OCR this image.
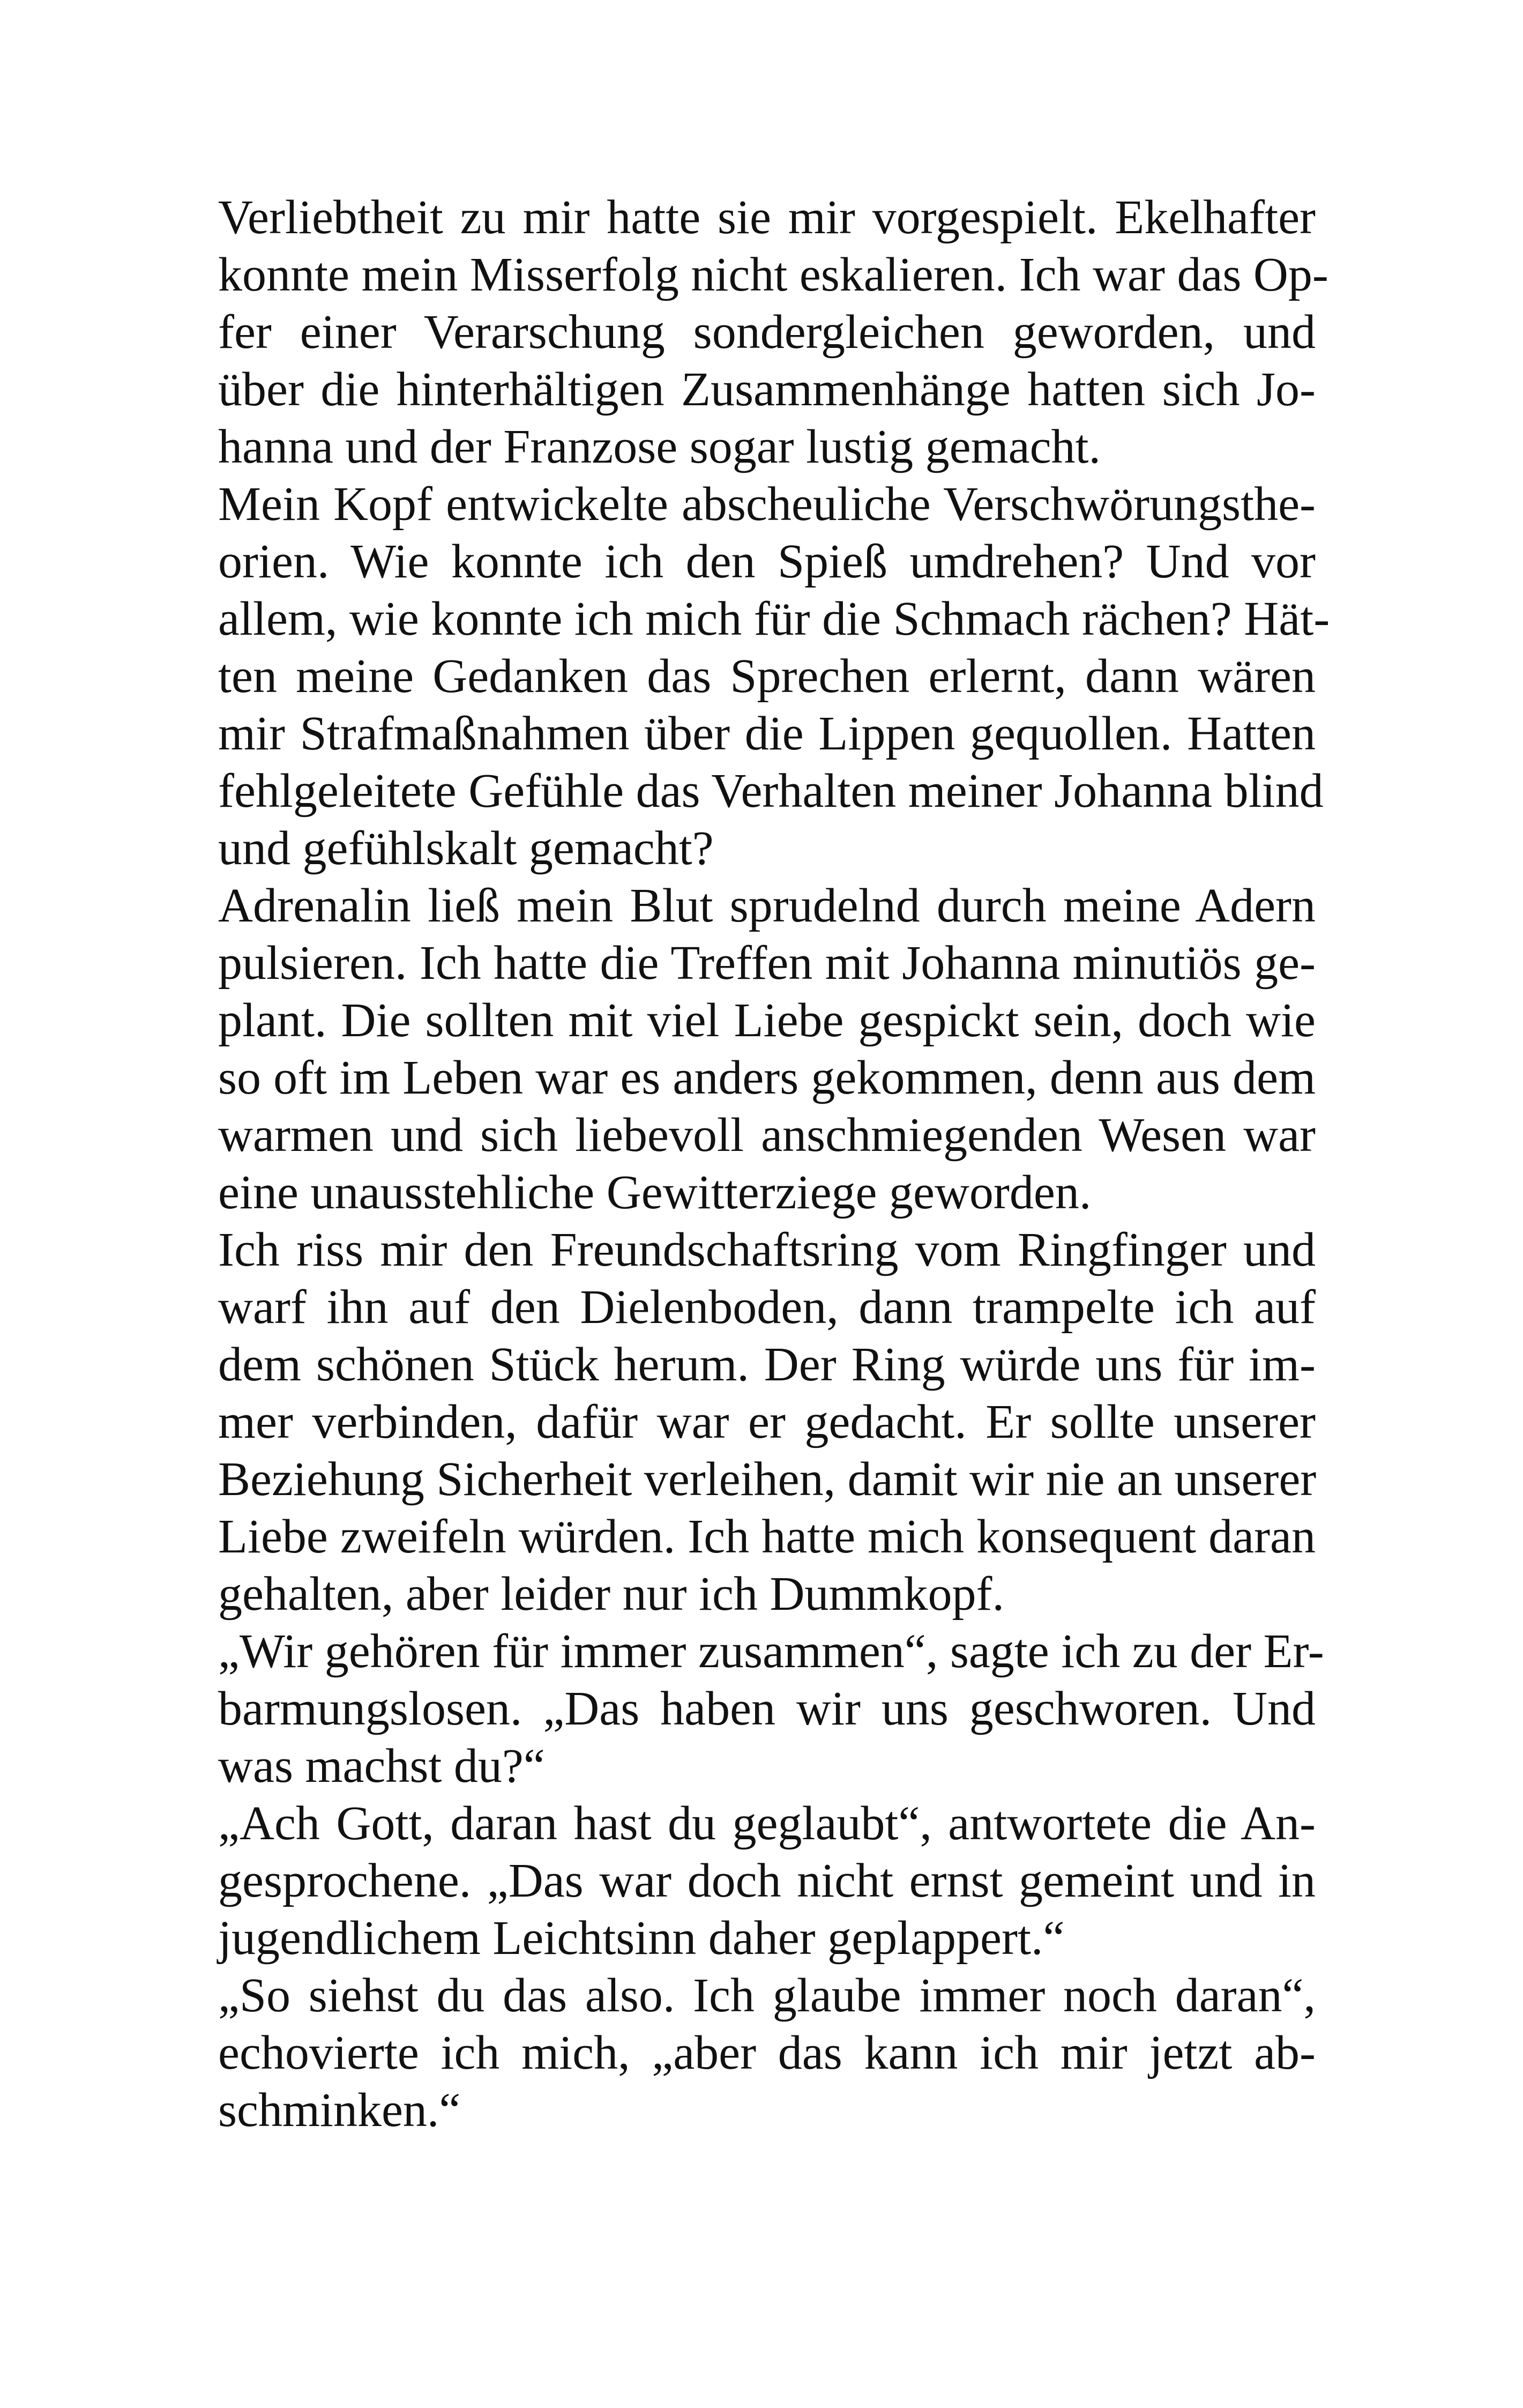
Verliebtheit zu mir hatte sie mir vorgespielt. Ekelhafter
konnte mein Misserfolg nicht eskalieren. Ich war das Op-
fer einer Verarschung sondergleichen geworden, und
über die hinterhältigen Zusammenhänge hatten sich Jo-
hanna und der Franzose sogar lustig gemacht.
Mein Kopf entwickelte abscheuliche Verschwörungsthe-
orien. Wie konnte ich den Spieß umdrehen? Und vor
allem, wie konnte ich mich für die Schmach rächen? Hät-
ten meine Gedanken das Sprechen erlernt, dann wären
mir Strafmaßnahmen über die Lippen gequollen. Hatten
fehlgeleitete Gefühle das Verhalten meiner Johanna blind
und gefühlskalt gemacht?
Adrenalin ließ mein Blut sprudelnd durch meine Adern
pulsieren. Ich hatte die Treffen mit Johanna minutiös ge-
plant. Die sollten mit viel Liebe gespickt sein, doch wie
so oft im Leben war es anders gekommen, denn aus dem
warmen und sich liebevoll anschmiegenden Wesen war
eine unausstehliche Gewitterziege geworden.
Ich riss mir den Freundschaftsring vom Ringfinger und
warf ihn auf den Dielenboden, dann trampelte ich auf
dem schönen Stück herum. Der Ring würde uns für im-
mer verbinden, dafür war er gedacht. Er sollte unserer
Beziehung Sicherheit verleihen, damit wir nie an unserer
Liebe zweifeln würden. Ich hatte mich konsequent daran
gehalten, aber leider nur ich Dummkopf.
„Wir gehören für immer zusammen“, sagte ich zu der Er-
barmungslosen. „Das haben wir uns geschworen. Und
was machst du?“
„Ach Gott, daran hast du geglaubt“, antwortete die An-
gesprochene. „Das war doch nicht ernst gemeint und in
jugendlichem Leichtsinn daher geplappert.“
„So siehst du das also. Ich glaube immer noch daran“,
echovierte ich mich, „aber das kann ich mir jetzt ab-
schminken.“
